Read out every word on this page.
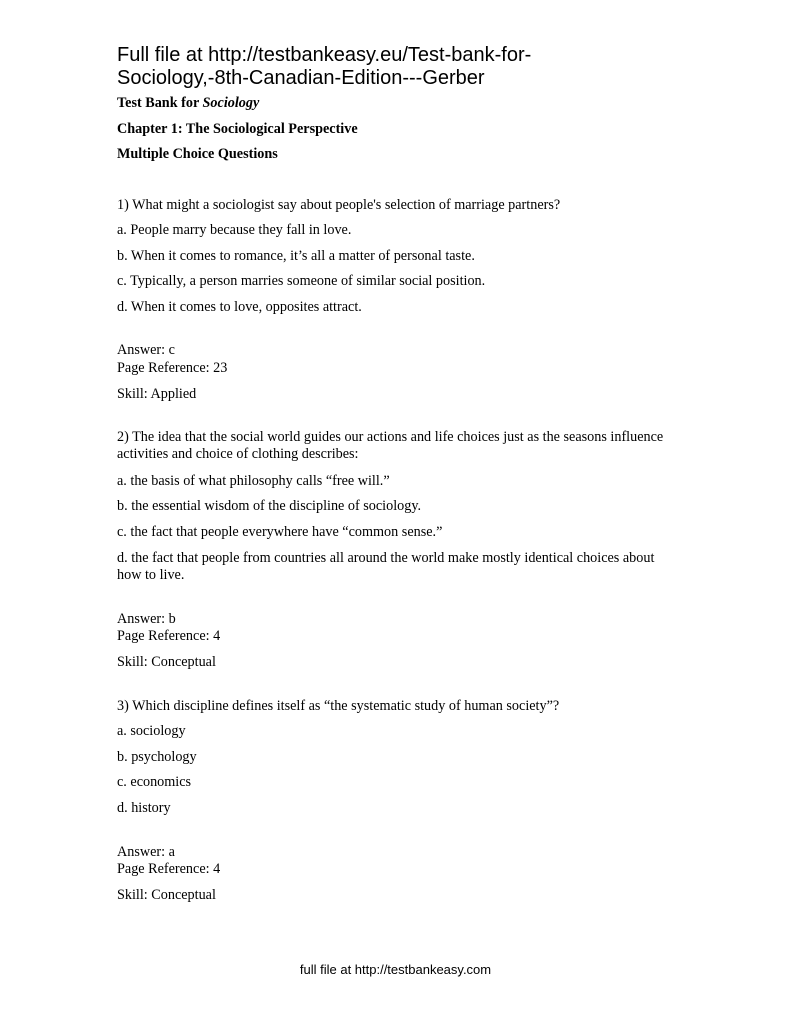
Full file at http://testbankeasy.eu/Test-bank-for-
Sociology,-8th-Canadian-Edition---Gerber
Test Bank for Sociology
Chapter 1: The Sociological Perspective
Multiple Choice Questions
1) What might a sociologist say about people's selection of marriage partners?
a. People marry because they fall in love.
b. When it comes to romance, it’s all a matter of personal taste.
c. Typically, a person marries someone of similar social position.
d. When it comes to love, opposites attract.
Answer: c
Page Reference: 23
Skill: Applied
2) The idea that the social world guides our actions and life choices just as the seasons influence activities and choice of clothing describes:
a. the basis of what philosophy calls “free will.”
b. the essential wisdom of the discipline of sociology.
c. the fact that people everywhere have “common sense.”
d. the fact that people from countries all around the world make mostly identical choices about how to live.
Answer: b
Page Reference: 4
Skill: Conceptual
3) Which discipline defines itself as “the systematic study of human society”?
a. sociology
b. psychology
c. economics
d. history
Answer: a
Page Reference: 4
Skill: Conceptual
full file at http://testbankeasy.com
